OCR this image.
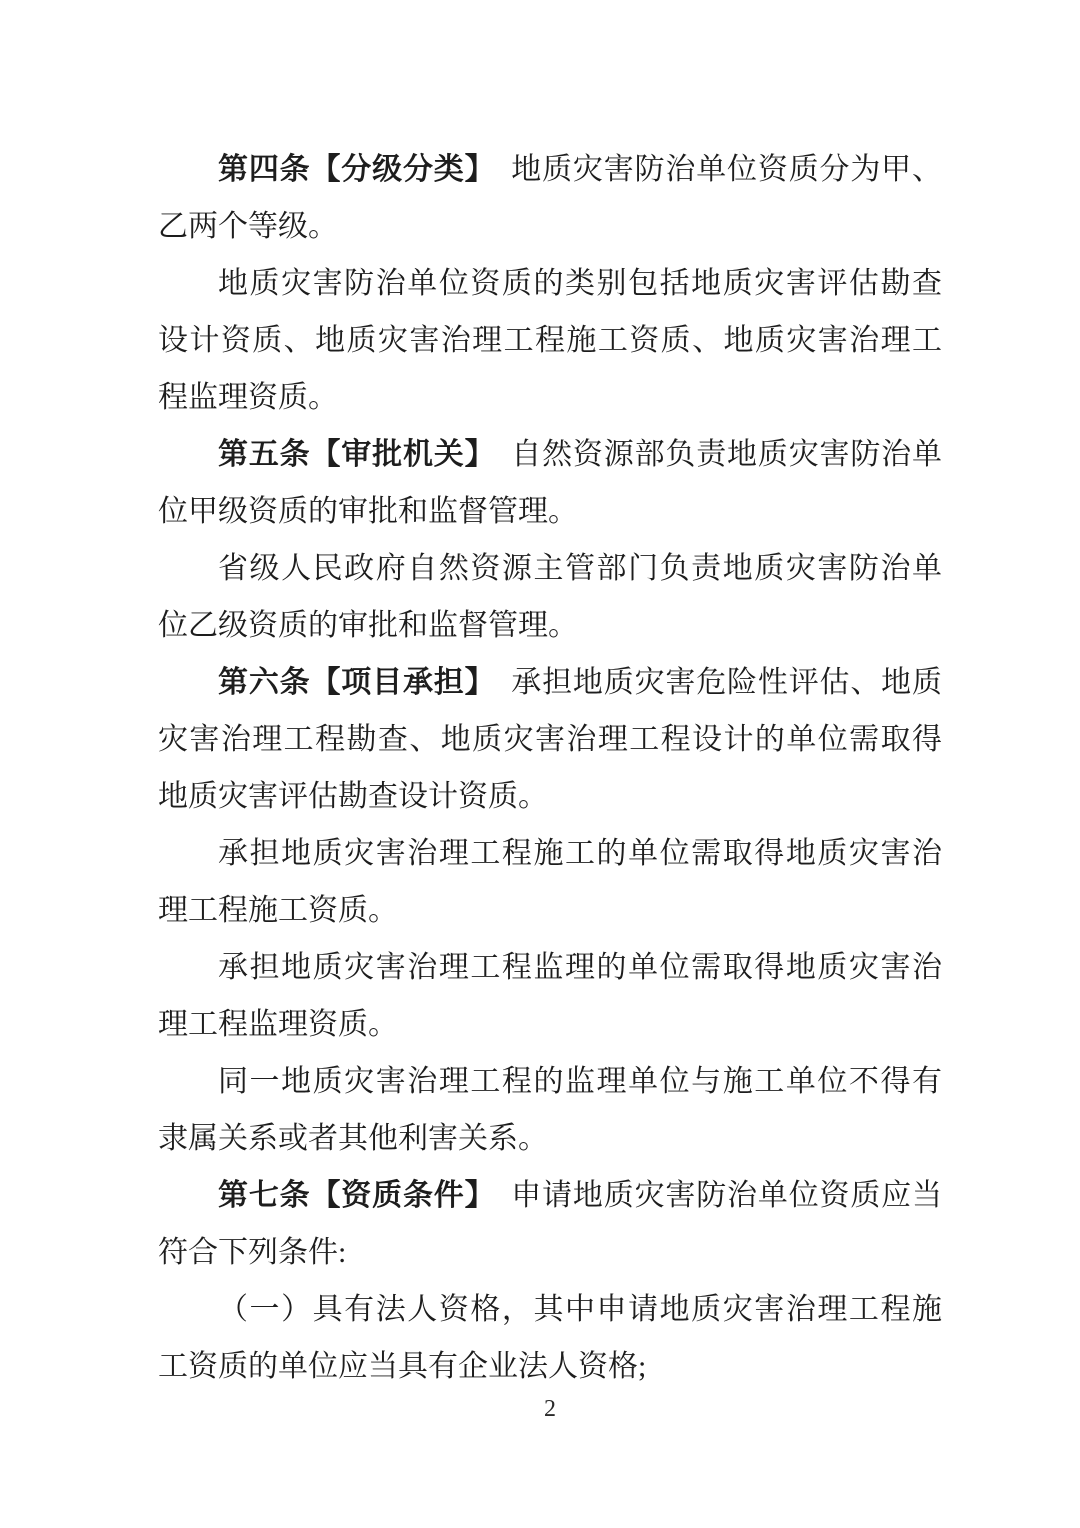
第四条【分级分类】　地质灾害防治单位资质分为甲、
乙两个等级。
地质灾害防治单位资质的类别包括地质灾害评估勘查
设计资质、地质灾害治理工程施工资质、地质灾害治理工
程监理资质。
第五条【审批机关】　自然资源部负责地质灾害防治单
位甲级资质的审批和监督管理。
省级人民政府自然资源主管部门负责地质灾害防治单
位乙级资质的审批和监督管理。
第六条【项目承担】　承担地质灾害危险性评估、地质
灾害治理工程勘查、地质灾害治理工程设计的单位需取得
地质灾害评估勘查设计资质。
承担地质灾害治理工程施工的单位需取得地质灾害治
理工程施工资质。
承担地质灾害治理工程监理的单位需取得地质灾害治
理工程监理资质。
同一地质灾害治理工程的监理单位与施工单位不得有
隶属关系或者其他利害关系。
第七条【资质条件】　申请地质灾害防治单位资质应当
符合下列条件:
（一）具有法人资格，其中申请地质灾害治理工程施
工资质的单位应当具有企业法人资格;
2
